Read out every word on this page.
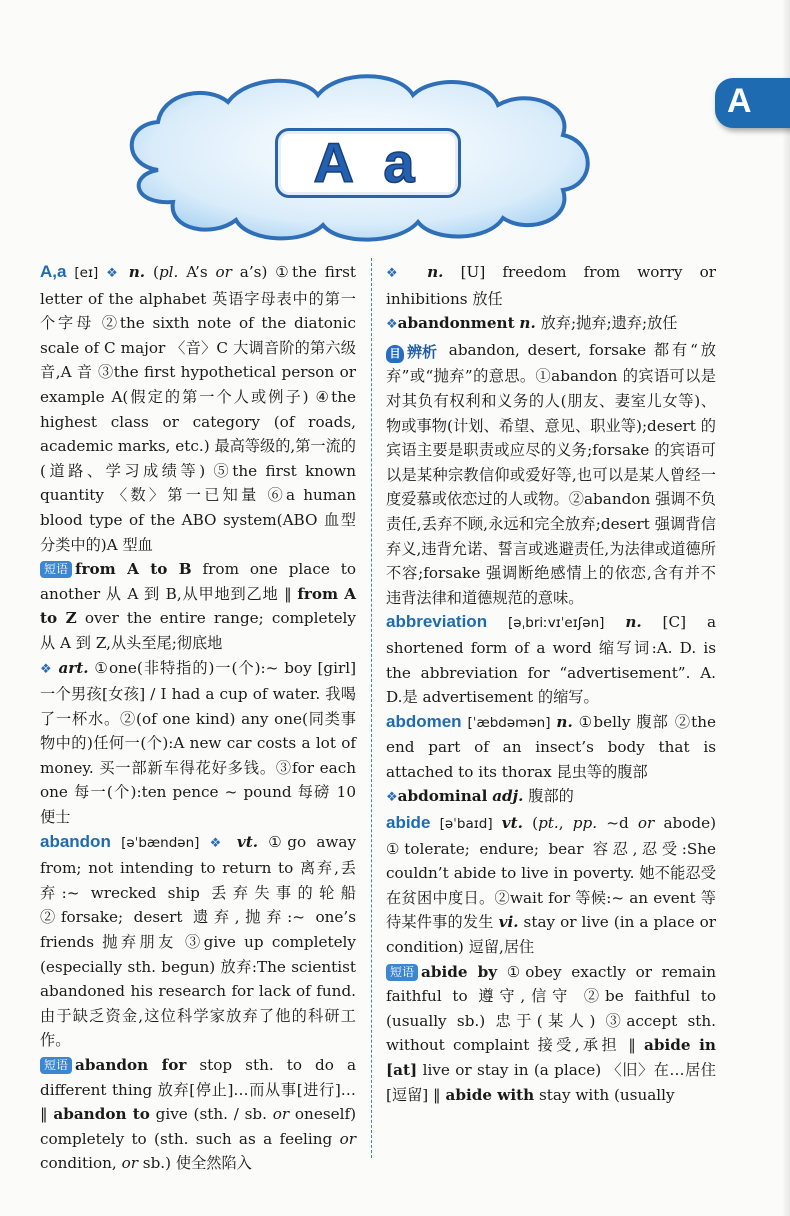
A
A a

A,a [eɪ] ❖ n. (pl. A’s or a’s) ①the first letter of the alphabet 英语字母表中的第一个字母 ②the sixth note of the diatonic scale of C major 〈音〉C 大调音阶的第六级音,A 音 ③the first hypothetical person or example A(假定的第一个人或例子) ④the highest class or category (of roads, academic marks, etc.) 最高等级的,第一流的(道路、学习成绩等) ⑤the first known quantity 〈数〉第一已知量 ⑥a human blood type of the ABO system(ABO 血型分类中的)A 型血

短语 from A to B from one place to another 从 A 到 B,从甲地到乙地 ‖ from A to Z over the entire range; completely 从 A 到 Z,从头至尾;彻底地

❖ art. ①one(非特指的)一(个):~ boy [girl] 一个男孩[女孩] / I had a cup of water. 我喝了一杯水。②(of one kind) any one(同类事物中的)任何一(个):A new car costs a lot of money. 买一部新车得花好多钱。③for each one 每一(个):ten pence ~ pound 每磅 10 便士

abandon [əˈbændən] ❖ vt. ①go away from; not intending to return to 离弃,丢弃:~ wrecked ship 丢弃失事的轮船 ②forsake; desert 遗弃,抛弃:~ one’s friends 抛弃朋友 ③give up completely (especially sth. begun) 放弃:The scientist abandoned his research for lack of fund. 由于缺乏资金,这位科学家放弃了他的科研工作。

短语 abandon for stop sth. to do a different thing 放弃[停止]…而从事[进行]… ‖ abandon to give (sth. / sb. or oneself) completely to (sth. such as a feeling or condition, or sb.) 使全然陷入

❖ n. [U] freedom from worry or inhibitions 放任

❖abandonment n. 放弃;抛弃;遗弃;放任

目 辨析 abandon, desert, forsake 都有“放弃”或“抛弃”的意思。①abandon 的宾语可以是对其负有权利和义务的人(朋友、妻室儿女等)、物或事物(计划、希望、意见、职业等);desert 的宾语主要是职责或应尽的义务;forsake 的宾语可以是某种宗教信仰或爱好等,也可以是某人曾经一度爱慕或依恋过的人或物。②abandon 强调不负责任,丢弃不顾,永远和完全放弃;desert 强调背信弃义,违背允诺、誓言或逃避责任,为法律或道德所不容;forsake 强调断绝感情上的依恋,含有并不违背法律和道德规范的意味。

abbreviation [əˌbriːvɪˈeɪʃən] n. [C] a shortened form of a word 缩写词:A. D. is the abbreviation for “advertisement”. A. D.是 advertisement 的缩写。

abdomen [ˈæbdəmən] n. ①belly 腹部 ②the end part of an insect’s body that is attached to its thorax 昆虫等的腹部

❖abdominal adj. 腹部的

abide [əˈbaɪd] vt. (pt., pp. ~d or abode) ①tolerate; endure; bear 容忍,忍受:She couldn’t abide to live in poverty. 她不能忍受在贫困中度日。②wait for 等候:~ an event 等待某件事的发生 vi. stay or live (in a place or condition) 逗留,居住

短语 abide by ①obey exactly or remain faithful to 遵守,信守 ②be faithful to (usually sb.) 忠于(某人) ③accept sth. without complaint 接受,承担 ‖ abide in [at] live or stay in (a place) 〈旧〉在…居住[逗留] ‖ abide with stay with (usually
